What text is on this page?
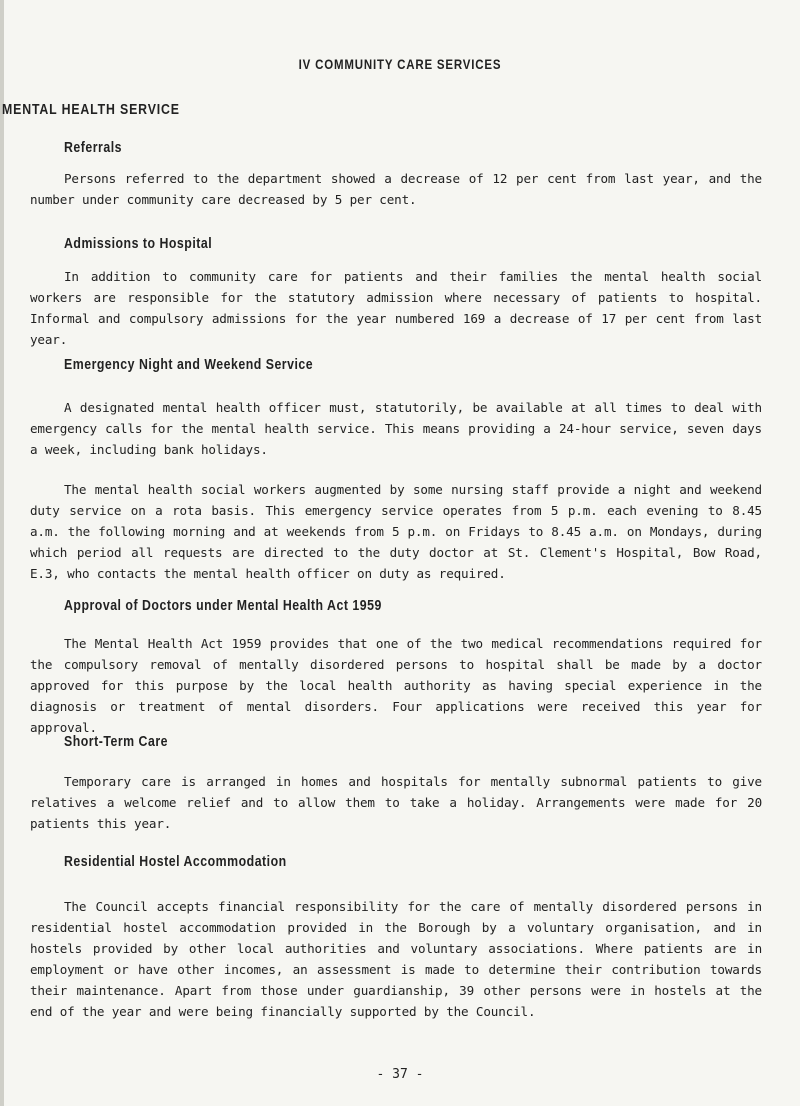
IV COMMUNITY CARE SERVICES
MENTAL HEALTH SERVICE
Referrals

Persons referred to the department showed a decrease of 12 per cent from last year, and the number under community care decreased by 5 per cent.

Admissions to Hospital

In addition to community care for patients and their families the mental health social workers are responsible for the statutory admission where necessary of patients to hospital. Informal and compulsory admissions for the year numbered 169 a decrease of 17 per cent from last year.

Emergency Night and Weekend Service

A designated mental health officer must, statutorily, be available at all times to deal with emergency calls for the mental health service. This means providing a 24-hour service, seven days a week, including bank holidays.

The mental health social workers augmented by some nursing staff provide a night and weekend duty service on a rota basis. This emergency service operates from 5 p.m. each evening to 8.45 a.m. the following morning and at weekends from 5 p.m. on Fridays to 8.45 a.m. on Mondays, during which period all requests are directed to the duty doctor at St. Clement's Hospital, Bow Road, E.3, who contacts the mental health officer on duty as required.

Approval of Doctors under Mental Health Act 1959

The Mental Health Act 1959 provides that one of the two medical recommendations required for the compulsory removal of mentally disordered persons to hospital shall be made by a doctor approved for this purpose by the local health authority as having special experience in the diagnosis or treatment of mental disorders. Four applications were received this year for approval.

Short-Term Care

Temporary care is arranged in homes and hospitals for mentally subnormal patients to give relatives a welcome relief and to allow them to take a holiday. Arrangements were made for 20 patients this year.

Residential Hostel Accommodation

The Council accepts financial responsibility for the care of mentally disordered persons in residential hostel accommodation provided in the Borough by a voluntary organisation, and in hostels provided by other local authorities and voluntary associations. Where patients are in employment or have other incomes, an assessment is made to determine their contribution towards their maintenance. Apart from those under guardianship, 39 other persons were in hostels at the end of the year and were being financially supported by the Council.

- 37 -
